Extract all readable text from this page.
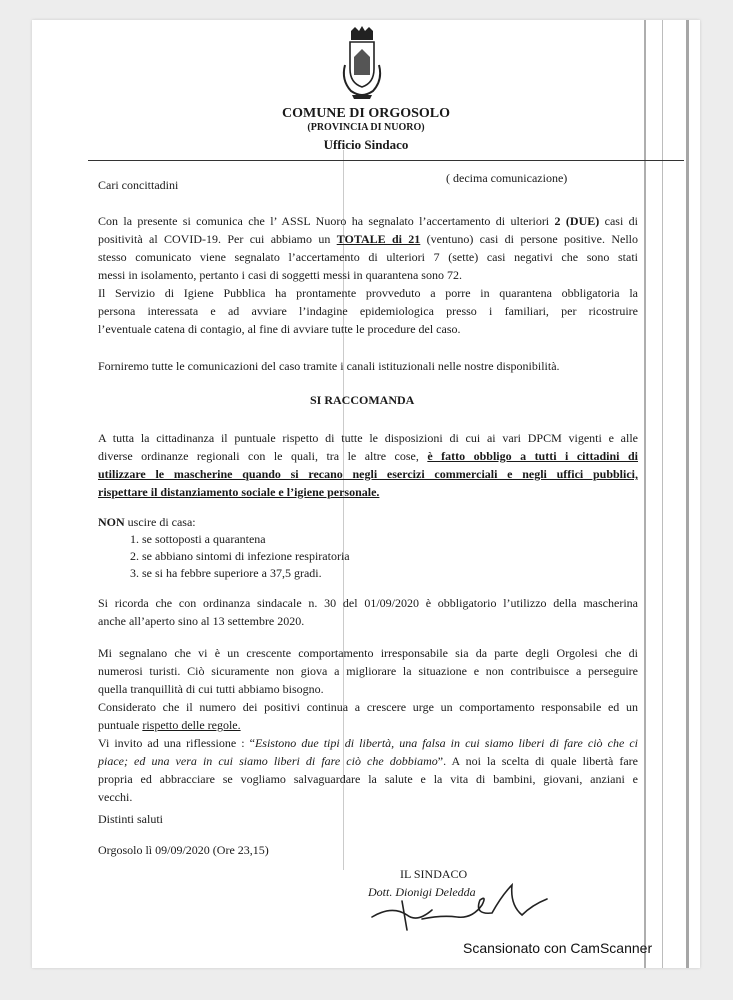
COMUNE DI ORGOSOLO
(PROVINCIA DI NUORO)
Ufficio Sindaco
Cari concittadini	( decima comunicazione)
Con la presente si comunica che l’ ASSL Nuoro ha segnalato l’accertamento di ulteriori 2 (DUE) casi di
positività al COVID-19. Per cui abbiamo un TOTALE di 21 (ventuno) casi di persone positive. Nello
stesso comunicato viene segnalato l’accertamento di ulteriori 7 (sette) casi negativi che sono stati
messi in isolamento, pertanto i casi di soggetti messi in quarantena sono 72.
Il Servizio di Igiene Pubblica ha prontamente provveduto a porre in quarantena obbligatoria la
persona interessata e ad avviare l’indagine epidemiologica presso i familiari, per ricostruire
l’eventuale catena di contagio, al fine di avviare tutte le procedure del caso.
Forniremo tutte le comunicazioni del caso tramite i canali istituzionali nelle nostre disponibilità.
SI RACCOMANDA
A tutta la cittadinanza il puntuale rispetto di tutte le disposizioni di cui ai vari DPCM vigenti e alle
diverse ordinanze regionali con le quali, tra le altre cose, è fatto obbligo a tutti i cittadini di
utilizzare le mascherine quando si recano negli esercizi commerciali e negli uffici pubblici,
rispettare il distanziamento sociale e l’igiene personale.
NON uscire di casa:
1. se sottoposti a quarantena
2. se abbiano sintomi di infezione respiratoria
3. se si ha febbre superiore a 37,5 gradi.
Si ricorda che con ordinanza sindacale n. 30 del 01/09/2020 è obbligatorio l’utilizzo della mascherina
anche all’aperto sino al 13 settembre 2020.
Mi segnalano che vi è un crescente comportamento irresponsabile sia da parte degli Orgolesi che di
numerosi turisti. Ciò sicuramente non giova a migliorare la situazione e non contribuisce a perseguire
quella tranquillità di cui tutti abbiamo bisogno.
Considerato che il numero dei positivi continua a crescere urge un comportamento responsabile ed un
puntuale rispetto delle regole.
Vi invito ad una riflessione : “Esistono due tipi di libertà, una falsa in cui siamo liberi di fare ciò che ci
piace; ed una vera in cui siamo liberi di fare ciò che dobbiamo”. A noi la scelta di quale libertà fare
propria ed abbracciare se vogliamo salvaguardare la salute e la vita di bambini, giovani, anziani e
vecchi.
Distinti saluti
Orgosolo lì 09/09/2020 (Ore 23,15)
IL SINDACO
Dott. Dionigi Deledda
Scansionato con CamScanner
